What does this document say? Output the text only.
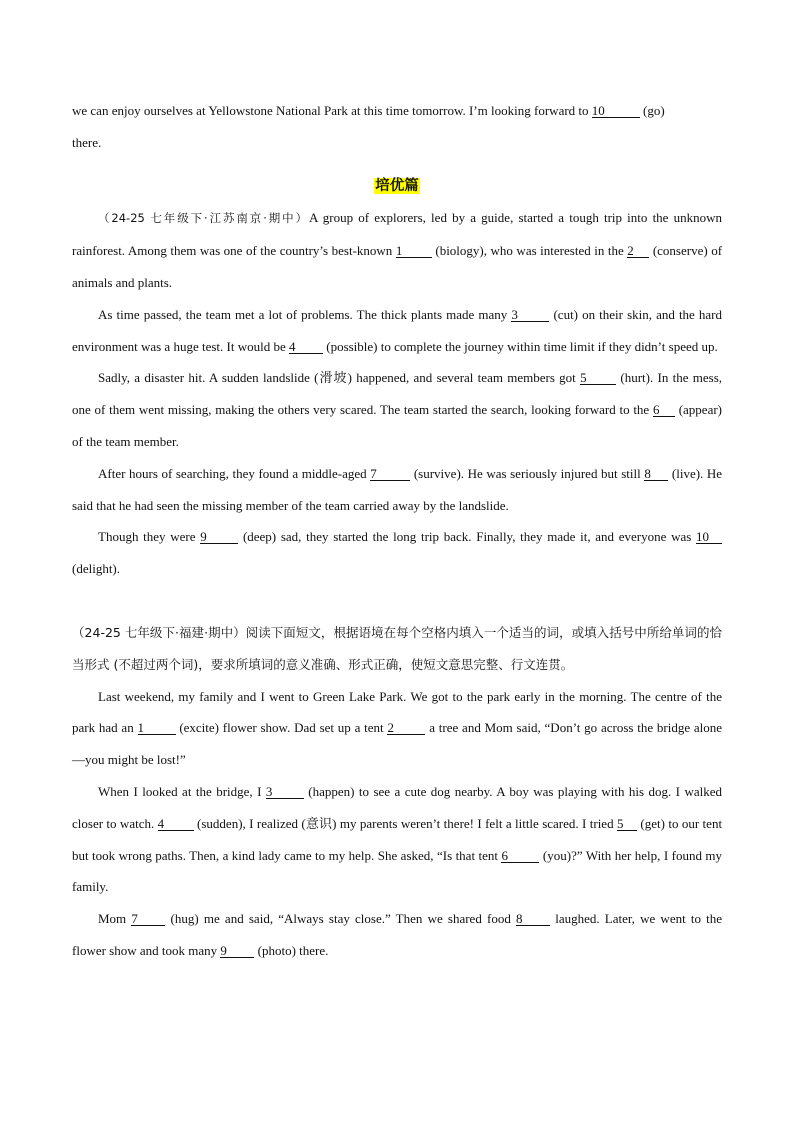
we can enjoy ourselves at Yellowstone National Park at this time tomorrow. I’m looking forward to 10	(go)
there.

培优篇

（24-25 七年级下·江苏南京·期中）A group of explorers, led by a guide, started a tough trip into the unknown rainforest. Among them was one of the country’s best-known 1	(biology), who was interested in the 2 (conserve) of animals and plants.

As time passed, the team met a lot of problems. The thick plants made many 3	(cut) on their skin, and the hard environment was a huge test. It would be 4 (possible) to complete the journey within time limit if they didn’t speed up.

Sadly, a disaster hit. A sudden landslide (滑坡) happened, and several team members got 5	(hurt). In the mess, one of them went missing, making the others very scared. The team started the search, looking forward to the 6 (appear) of the team member.

After hours of searching, they found a middle-aged 7	(survive). He was seriously injured but still 8 (live). He said that he had seen the missing member of the team carried away by the landslide.

Though they were 9	(deep) sad, they started the long trip back. Finally, they made it, and everyone was 10 (delight).

（24-25 七年级下·福建·期中）阅读下面短文，根据语境在每个空格内填入一个适当的词，或填入括号中所给单词的恰当形式 (不超过两个词)，要求所填词的意义准确、形式正确，使短文意思完整、行文连贯。

Last weekend, my family and I went to Green Lake Park. We got to the park early in the morning. The centre of the park had an 1	(excite) flower show. Dad set up a tent 2	a tree and Mom said, “Don’t go across the bridge alone—you might be lost!”

When I looked at the bridge, I 3	(happen) to see a cute dog nearby. A boy was playing with his dog. I walked closer to watch. 4	(sudden), I realized (意识) my parents weren’t there! I felt a little scared. I tried 5 (get) to our tent but took wrong paths. Then, a kind lady came to my help. She asked, “Is that tent 6	(you)?” With her help, I found my family.

Mom 7	(hug) me and said, “Always stay close.” Then we shared food 8	laughed. Later, we went to the flower show and took many 9 (photo) there.
